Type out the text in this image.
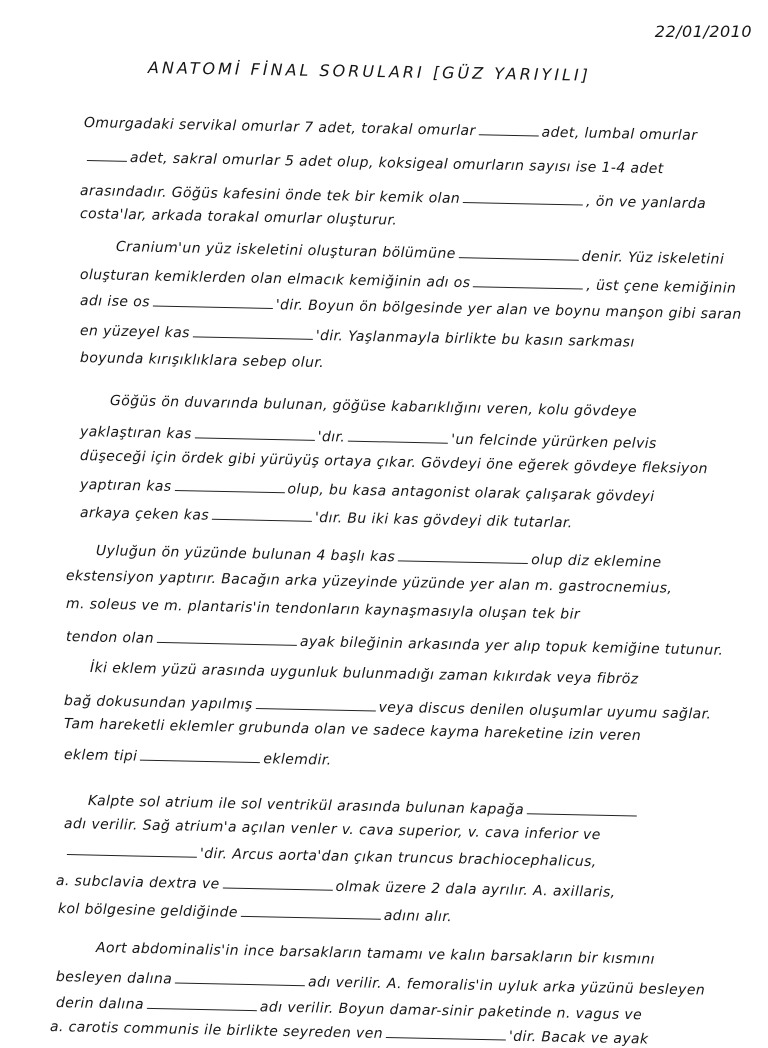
22/01/2010
ANATOMİ FİNAL SORULARI [GÜZ YARIYILI]
Omurgadaki servikal omurlar 7 adet, torakal omurlar	adet, lumbal omurlar
adet, sakral omurlar 5 adet olup, koksigeal omurların sayısı ise 1-4 adet
arasındadır. Göğüs kafesini önde tek bir kemik olan	, ön ve yanlarda
costa'lar, arkada torakal omurlar oluşturur.
Cranium'un yüz iskeletini oluşturan bölümüne	denir. Yüz iskeletini
oluşturan kemiklerden olan elmacık kemiğinin adı os	, üst çene kemiğinin
adı ise os	'dir. Boyun ön bölgesinde yer alan ve boynu manşon gibi saran
en yüzeyel kas	'dir. Yaşlanmayla birlikte bu kasın sarkması
boyunda kırışıklıklara sebep olur.
Göğüs ön duvarında bulunan, göğüse kabarıklığını veren, kolu gövdeye
yaklaştıran kas	'dır.	'un felcinde yürürken pelvis
düşeceği için ördek gibi yürüyüş ortaya çıkar. Gövdeyi öne eğerek gövdeye fleksiyon
yaptıran kas	olup, bu kasa antagonist olarak çalışarak gövdeyi
arkaya çeken kas	'dır. Bu iki kas gövdeyi dik tutarlar.
Uyluğun ön yüzünde bulunan 4 başlı kas	olup diz eklemine
ekstensiyon yaptırır. Bacağın arka yüzeyinde yüzünde yer alan m. gastrocnemius,
m. soleus ve m. plantaris'in tendonların kaynaşmasıyla oluşan tek bir
tendon olan	ayak bileğinin arkasında yer alıp topuk kemiğine tutunur.
İki eklem yüzü arasında uygunluk bulunmadığı zaman kıkırdak veya fibröz
bağ dokusundan yapılmış	veya discus denilen oluşumlar uyumu sağlar.
Tam hareketli eklemler grubunda olan ve sadece kayma hareketine izin veren
eklem tipi	eklemdir.
Kalpte sol atrium ile sol ventrikül arasında bulunan kapağa
adı verilir. Sağ atrium'a açılan venler v. cava superior, v. cava inferior ve
'dir. Arcus aorta'dan çıkan truncus brachiocephalicus,
a. subclavia dextra ve	olmak üzere 2 dala ayrılır. A. axillaris,
kol bölgesine geldiğinde	adını alır.
Aort abdominalis'in ince barsakların tamamı ve kalın barsakların bir kısmını
besleyen dalına	adı verilir. A. femoralis'in uyluk arka yüzünü besleyen
derin dalına	adı verilir. Boyun damar-sinir paketinde n. vagus ve
a. carotis communis ile birlikte seyreden ven	'dir. Bacak ve ayak
